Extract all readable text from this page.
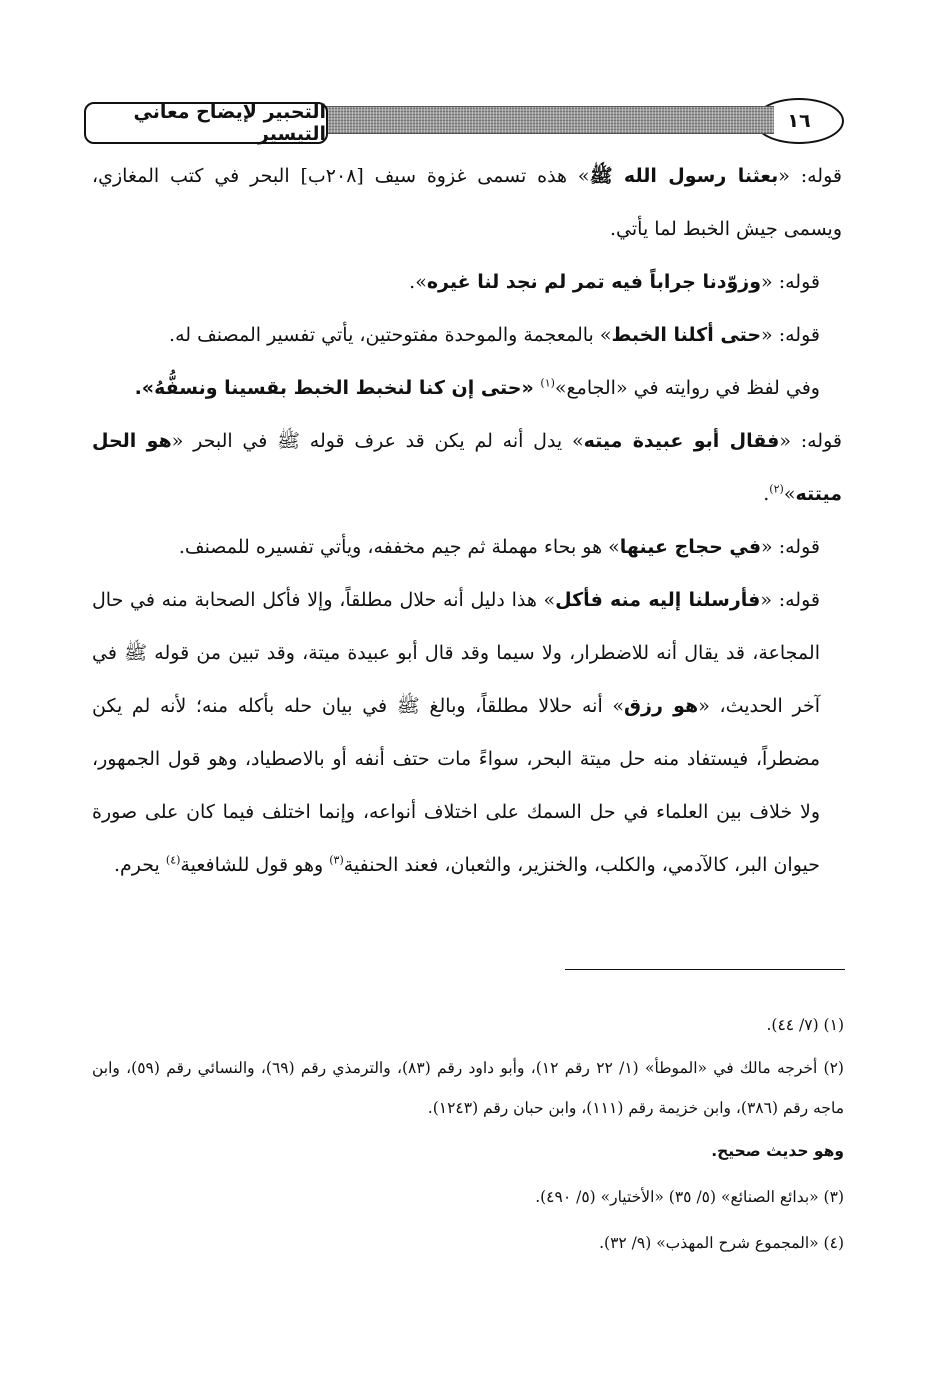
١٦
التحبير لإيضاح معاني التيسير

قوله: «بعثنا رسول الله ﷺ» هذه تسمى غزوة سيف [٢٠٨ب] البحر في كتب المغازي، ويسمى جيش الخبط لما يأتي.

قوله: «وزوّدنا جراباً فيه تمر لم نجد لنا غيره».

قوله: «حتى أكلنا الخبط» بالمعجمة والموحدة مفتوحتين، يأتي تفسير المصنف له.

وفي لفظ في روايته في «الجامع»$^{(١)}$ «حتى إن كنا لنخبط الخبط بقسينا ونسفُّهُ».

قوله: «فقال أبو عبيدة ميته» يدل أنه لم يكن قد عرف قوله ﷺ في البحر «هو الحل ميتته»$^{(٢)}$.

قوله: «في حجاج عينها» هو بحاء مهملة ثم جيم مخففه، ويأتي تفسيره للمصنف.

قوله: «فأرسلنا إليه منه فأكل» هذا دليل أنه حلال مطلقاً، وإلا فأكل الصحابة منه في حال المجاعة، قد يقال أنه للاضطرار، ولا سيما وقد قال أبو عبيدة ميتة، وقد تبين من قوله ﷺ في آخر الحديث، «هو رزق» أنه حلالا مطلقاً، وبالغ ﷺ في بيان حله بأكله منه؛ لأنه لم يكن مضطراً، فيستفاد منه حل ميتة البحر، سواءً مات حتف أنفه أو بالاصطياد، وهو قول الجمهور، ولا خلاف بين العلماء في حل السمك على اختلاف أنواعه، وإنما اختلف فيما كان على صورة حيوان البر، كالآدمي، والكلب، والخنزير، والثعبان، فعند الحنفية$^{(٣)}$ وهو قول للشافعية$^{(٤)}$ يحرم.

(١) (٧/ ٤٤).

(٢) أخرجه مالك في «الموطأ» (١/ ٢٢ رقم ١٢)، وأبو داود رقم (٨٣)، والترمذي رقم (٦٩)، والنسائي رقم (٥٩)، وابن ماجه رقم (٣٨٦)، وابن خزيمة رقم (١١١)، وابن حبان رقم (١٢٤٣).

وهو حديث صحيح.

(٣) «بدائع الصنائع» (٥/ ٣٥) «الأختيار» (٥/ ٤٩٠).

(٤) «المجموع شرح المهذب» (٩/ ٣٢).
